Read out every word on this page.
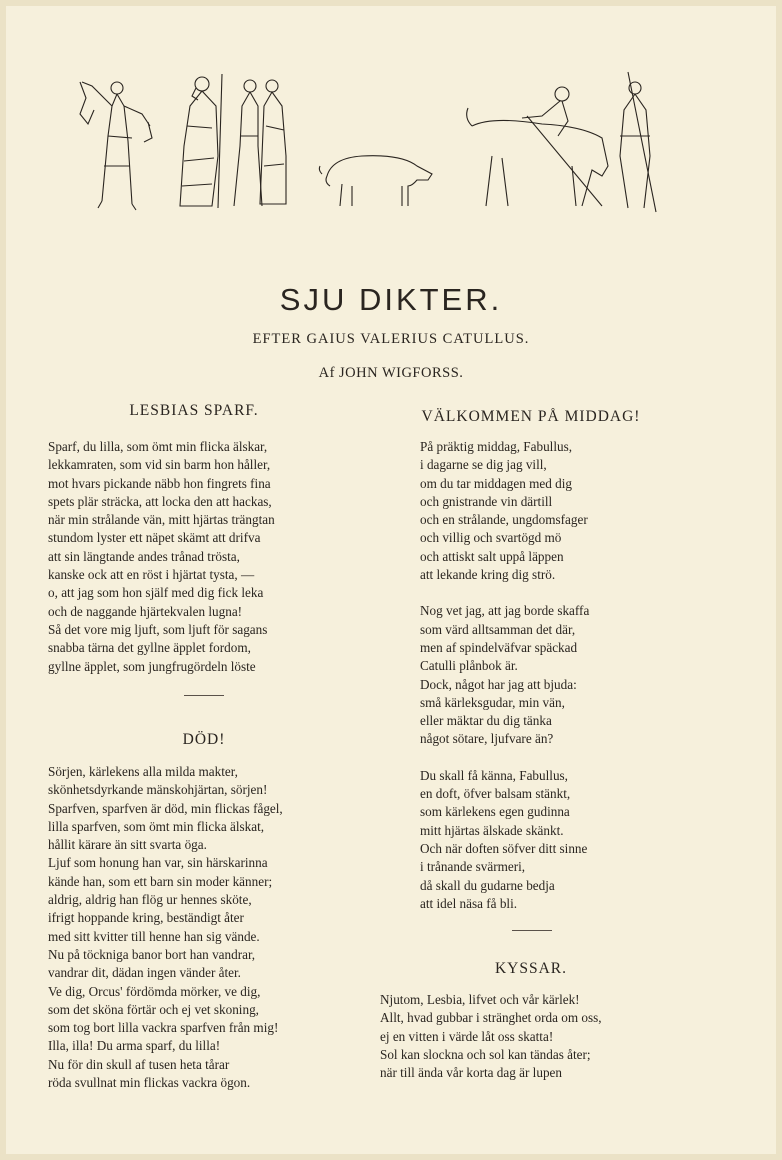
SJU DIKTER.
EFTER GAIUS VALERIUS CATULLUS.
Af JOHN WIGFORSS.
LESBIAS SPARF.
Sparf, du lilla, som ömt min flicka älskar,
lekkamraten, som vid sin barm hon håller,
mot hvars pickande näbb hon fingrets fina
spets plär sträcka, att locka den att hackas,
när min strålande vän, mitt hjärtas trängtan
stundom lyster ett näpet skämt att drifva
att sin längtande andes trånad trösta,
kanske ock att en röst i hjärtat tysta, —
o, att jag som hon själf med dig fick leka
och de naggande hjärtekvalen lugna!
Så det vore mig ljuft, som ljuft för sagans
snabba tärna det gyllne äpplet fordom,
gyllne äpplet, som jungfrugördeln löste
DÖD!
Sörjen, kärlekens alla milda makter,
skönhetsdyrkande mänskohjärtan, sörjen!
Sparfven, sparfven är död, min flickas fågel,
lilla sparfven, som ömt min flicka älskat,
hållit kärare än sitt svarta öga.
Ljuf som honung han var, sin härskarinna
kände han, som ett barn sin moder känner;
aldrig, aldrig han flög ur hennes sköte,
ifrigt hoppande kring, beständigt åter
med sitt kvitter till henne han sig vände.
Nu på töckniga banor bort han vandrar,
vandrar dit, dädan ingen vänder åter.
Ve dig, Orcus' fördömda mörker, ve dig,
som det sköna förtär och ej vet skoning,
som tog bort lilla vackra sparfven från mig!
Illa, illa! Du arma sparf, du lilla!
Nu för din skull af tusen heta tårar
röda svullnat min flickas vackra ögon.
VÄLKOMMEN PÅ MIDDAG!
På präktig middag, Fabullus,
i dagarne se dig jag vill,
om du tar middagen med dig
och gnistrande vin därtill
och en strålande, ungdomsfager
och villig och svartögd mö
och attiskt salt uppå läppen
att lekande kring dig strö.
Nog vet jag, att jag borde skaffa
som värd alltsamman det där,
men af spindelväfvar späckad
Catulli plånbok är.
Dock, något har jag att bjuda:
små kärleksgudar, min vän,
eller mäktar du dig tänka
något sötare, ljufvare än?
Du skall få känna, Fabullus,
en doft, öfver balsam stänkt,
som kärlekens egen gudinna
mitt hjärtas älskade skänkt.
Och när doften söfver ditt sinne
i trånande svärmeri,
då skall du gudarne bedja
att idel näsa få bli.
KYSSAR.
Njutom, Lesbia, lifvet och vår kärlek!
Allt, hvad gubbar i stränghet orda om oss,
ej en vitten i värde låt oss skatta!
Sol kan slockna och sol kan tändas åter;
när till ända vår korta dag är lupen
